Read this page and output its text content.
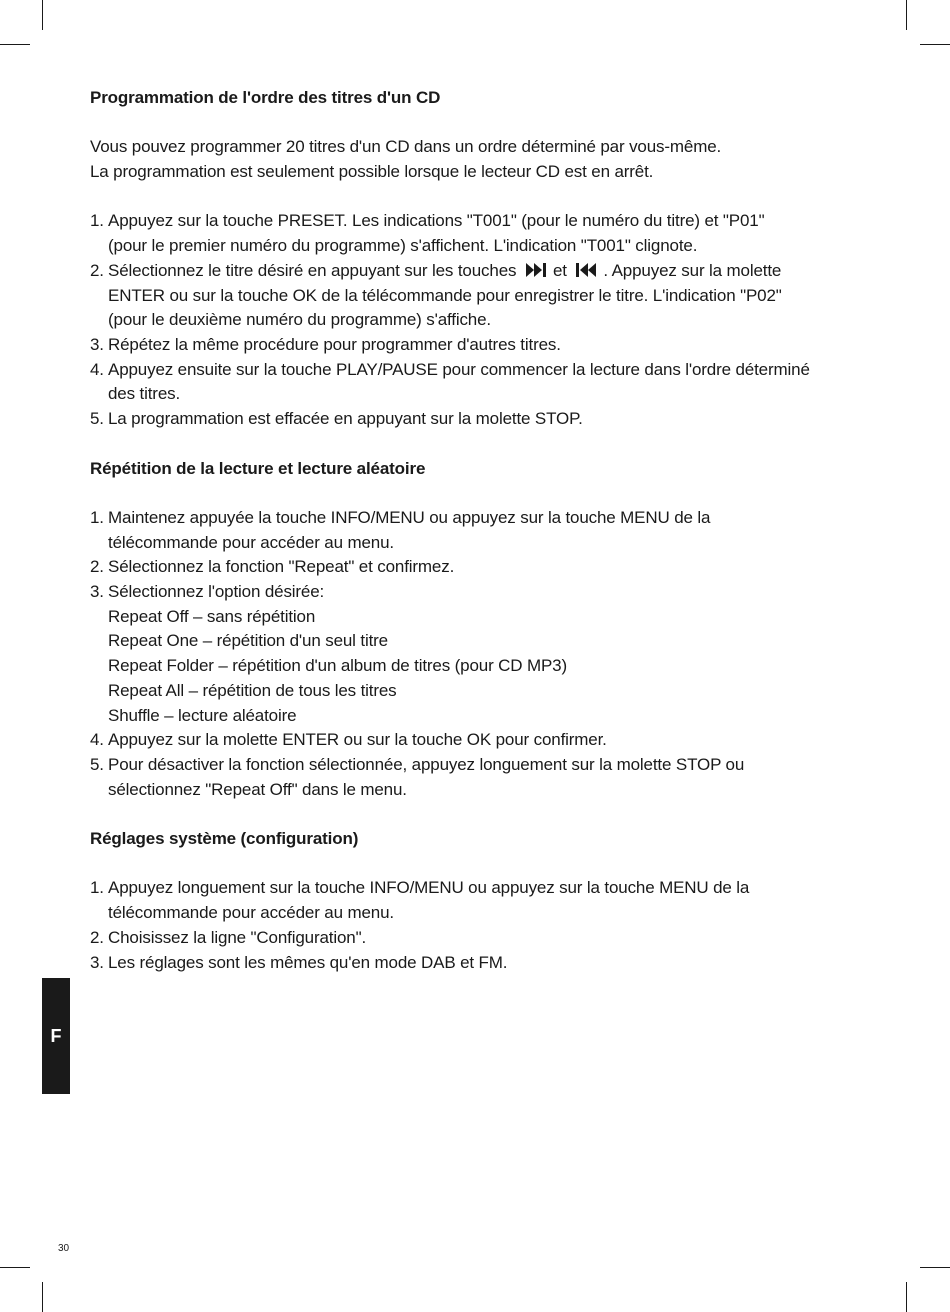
Programmation de l'ordre des titres d'un CD
Vous pouvez programmer 20 titres d'un CD dans un ordre déterminé par vous-même.
La programmation est seulement possible lorsque le lecteur CD est en arrêt.
1. Appuyez sur la touche PRESET. Les indications "T001" (pour le numéro du titre) et "P01"
(pour le premier numéro du programme) s'affichent. L'indication "T001" clignote.
2. Sélectionnez le titre désiré en appuyant sur les touches et . Appuyez sur la molette
ENTER ou sur la touche OK de la télécommande pour enregistrer le titre. L'indication "P02"
(pour le deuxième numéro du programme) s'affiche.
3. Répétez la même procédure pour programmer d'autres titres.
4. Appuyez ensuite sur la touche PLAY/PAUSE pour commencer la lecture dans l'ordre déterminé
des titres.
5. La programmation est effacée en appuyant sur la molette STOP.
Répétition de la lecture et lecture aléatoire
1. Maintenez appuyée la touche INFO/MENU ou appuyez sur la touche MENU de la
télécommande pour accéder au menu.
2. Sélectionnez la fonction "Repeat" et confirmez.
3. Sélectionnez l'option désirée:
Repeat Off – sans répétition
Repeat One – répétition d'un seul titre
Repeat Folder – répétition d'un album de titres (pour CD MP3)
Repeat All – répétition de tous les titres
Shuffle – lecture aléatoire
4. Appuyez sur la molette ENTER ou sur la touche OK pour confirmer.
5. Pour désactiver la fonction sélectionnée, appuyez longuement sur la molette STOP ou
sélectionnez "Repeat Off" dans le menu.
Réglages système (configuration)
1. Appuyez longuement sur la touche INFO/MENU ou appuyez sur la touche MENU de la
télécommande pour accéder au menu.
2. Choisissez la ligne "Configuration".
3. Les réglages sont les mêmes qu'en mode DAB et FM.
F
30
